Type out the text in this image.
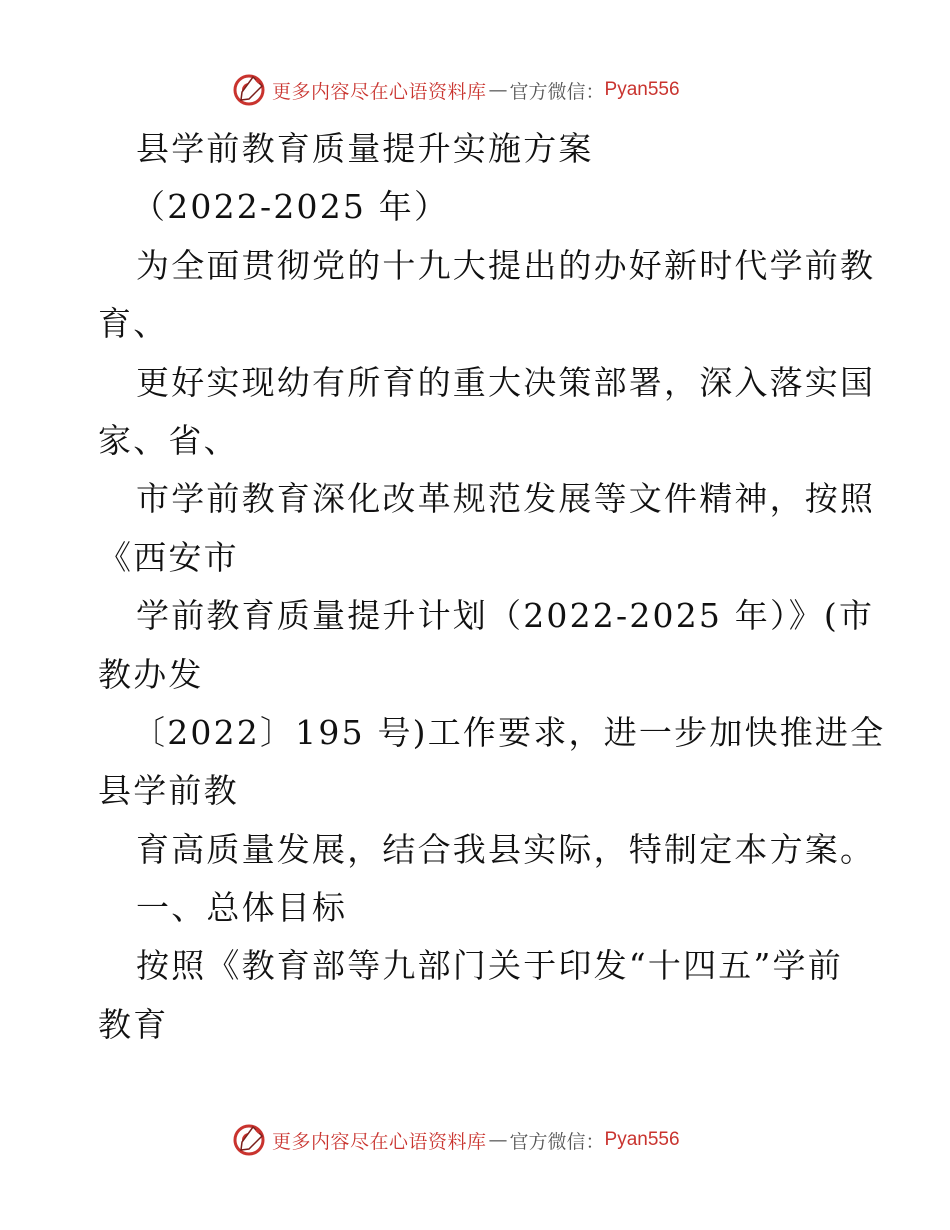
更多内容尽在心语资料库 — 官方微信： Pyan556
县学前教育质量提升实施方案
（2022-2025 年）
为全面贯彻党的十九大提出的办好新时代学前教
育、
更好实现幼有所育的重大决策部署，深入落实国
家、省、
市学前教育深化改革规范发展等文件精神，按照
《西安市
学前教育质量提升计划（2022-2025 年）》(市
教办发
〔2022〕195 号)工作要求，进一步加快推进全
县学前教
育高质量发展，结合我县实际，特制定本方案。
一、总体目标
按照《教育部等九部门关于印发“十四五”学前
教育
更多内容尽在心语资料库 — 官方微信： Pyan556
